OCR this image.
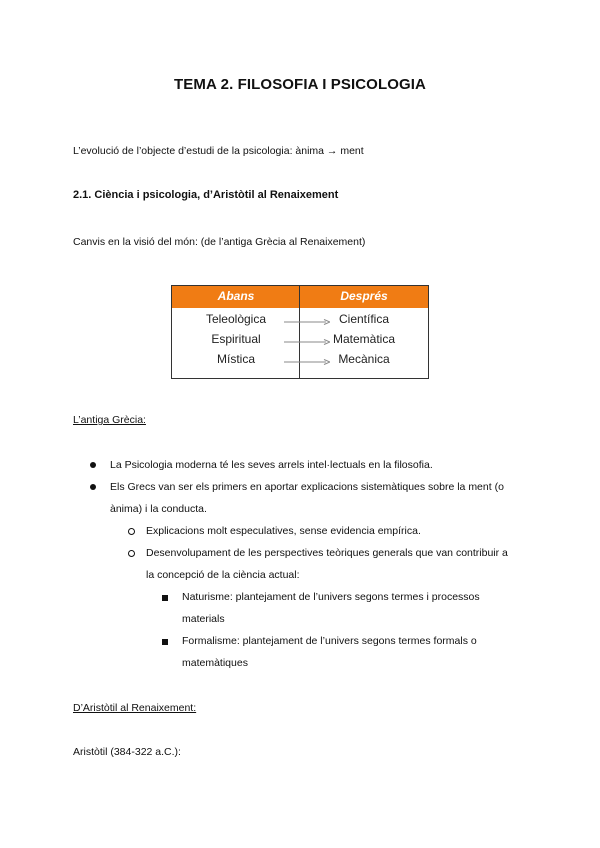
TEMA 2. FILOSOFIA I PSICOLOGIA
L’evolució de l’objecte d’estudi de la psicologia: ànima → ment
2.1. Ciència i psicologia, d’Aristòtil al Renaixement
Canvis en la visió del món: (de l’antiga Grècia al Renaixement)
Abans	Després
Teleològica	Científica
Espiritual	Matemàtica
Mística	Mecànica
L’antiga Grècia:
La Psicologia moderna té les seves arrels intel·lectuals en la filosofia.
Els Grecs van ser els primers en aportar explicacions sistemàtiques sobre la ment (o
ànima) i la conducta.
Explicacions molt especulatives, sense evidencia empírica.
Desenvolupament de les perspectives teòriques generals que van contribuir a
la concepció de la ciència actual:
Naturisme: plantejament de l’univers segons termes i processos
materials
Formalisme: plantejament de l’univers segons termes formals o
matemàtiques
D’Aristòtil al Renaixement:
Aristòtil (384-322 a.C.):
